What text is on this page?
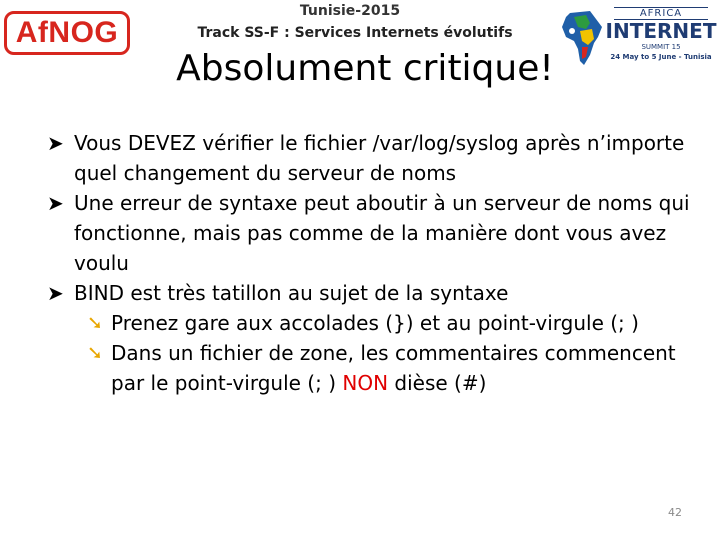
AfNOG
Tunisie-2015
Track SS-F : Services Internets évolutifs
AFRICA
INTERNET
SUMMIT 15
24 May to 5 June - Tunisia
Absolument critique!

➤ Vous DEVEZ vérifier le fichier /var/log/syslog après n’importe quel changement du serveur de noms

➤ Une erreur de syntaxe peut aboutir à un serveur de noms qui fonctionne, mais pas comme de la manière dont vous avez voulu

➤ BIND est très tatillon au sujet de la syntaxe

➘ Prenez gare aux accolades (}) et au point-virgule (; )

➘ Dans un fichier de zone, les commentaires commencent par le point-virgule (; ) NON dièse (#)

42
